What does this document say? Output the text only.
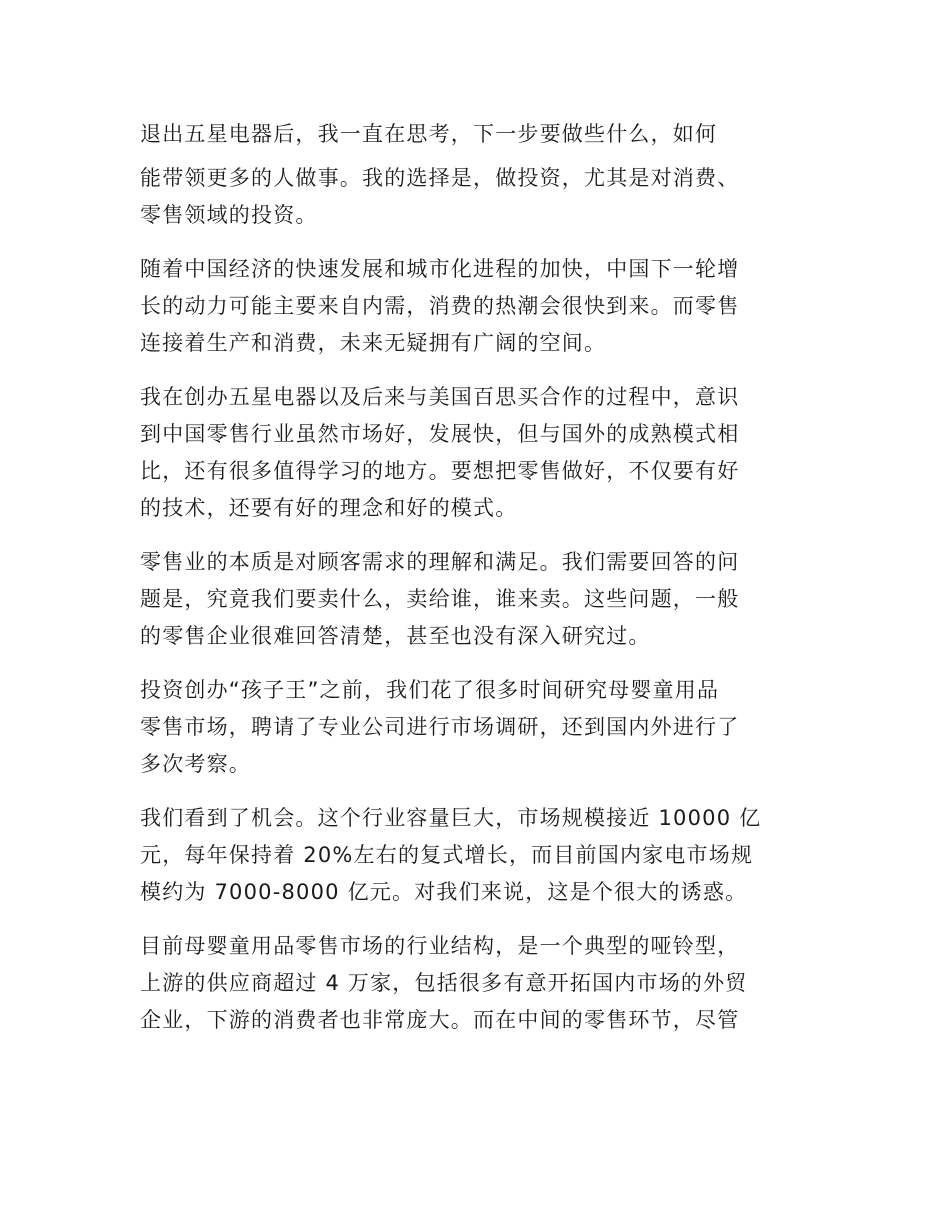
退出五星电器后，我一直在思考，下一步要做些什么，如何
能带领更多的人做事。我的选择是，做投资，尤其是对消费、
零售领域的投资。

随着中国经济的快速发展和城市化进程的加快，中国下一轮增
长的动力可能主要来自内需，消费的热潮会很快到来。而零售
连接着生产和消费，未来无疑拥有广阔的空间。

我在创办五星电器以及后来与美国百思买合作的过程中，意识
到中国零售行业虽然市场好，发展快，但与国外的成熟模式相
比，还有很多值得学习的地方。要想把零售做好，不仅要有好
的技术，还要有好的理念和好的模式。

零售业的本质是对顾客需求的理解和满足。我们需要回答的问
题是，究竟我们要卖什么，卖给谁，谁来卖。这些问题，一般
的零售企业很难回答清楚，甚至也没有深入研究过。

投资创办“孩子王”之前，我们花了很多时间研究母婴童用品
零售市场，聘请了专业公司进行市场调研，还到国内外进行了
多次考察。

我们看到了机会。这个行业容量巨大，市场规模接近 10000 亿
元，每年保持着 20%左右的复式增长，而目前国内家电市场规
模约为 7000-8000 亿元。对我们来说，这是个很大的诱惑。

目前母婴童用品零售市场的行业结构，是一个典型的哑铃型，
上游的供应商超过 4 万家，包括很多有意开拓国内市场的外贸
企业，下游的消费者也非常庞大。而在中间的零售环节，尽管
